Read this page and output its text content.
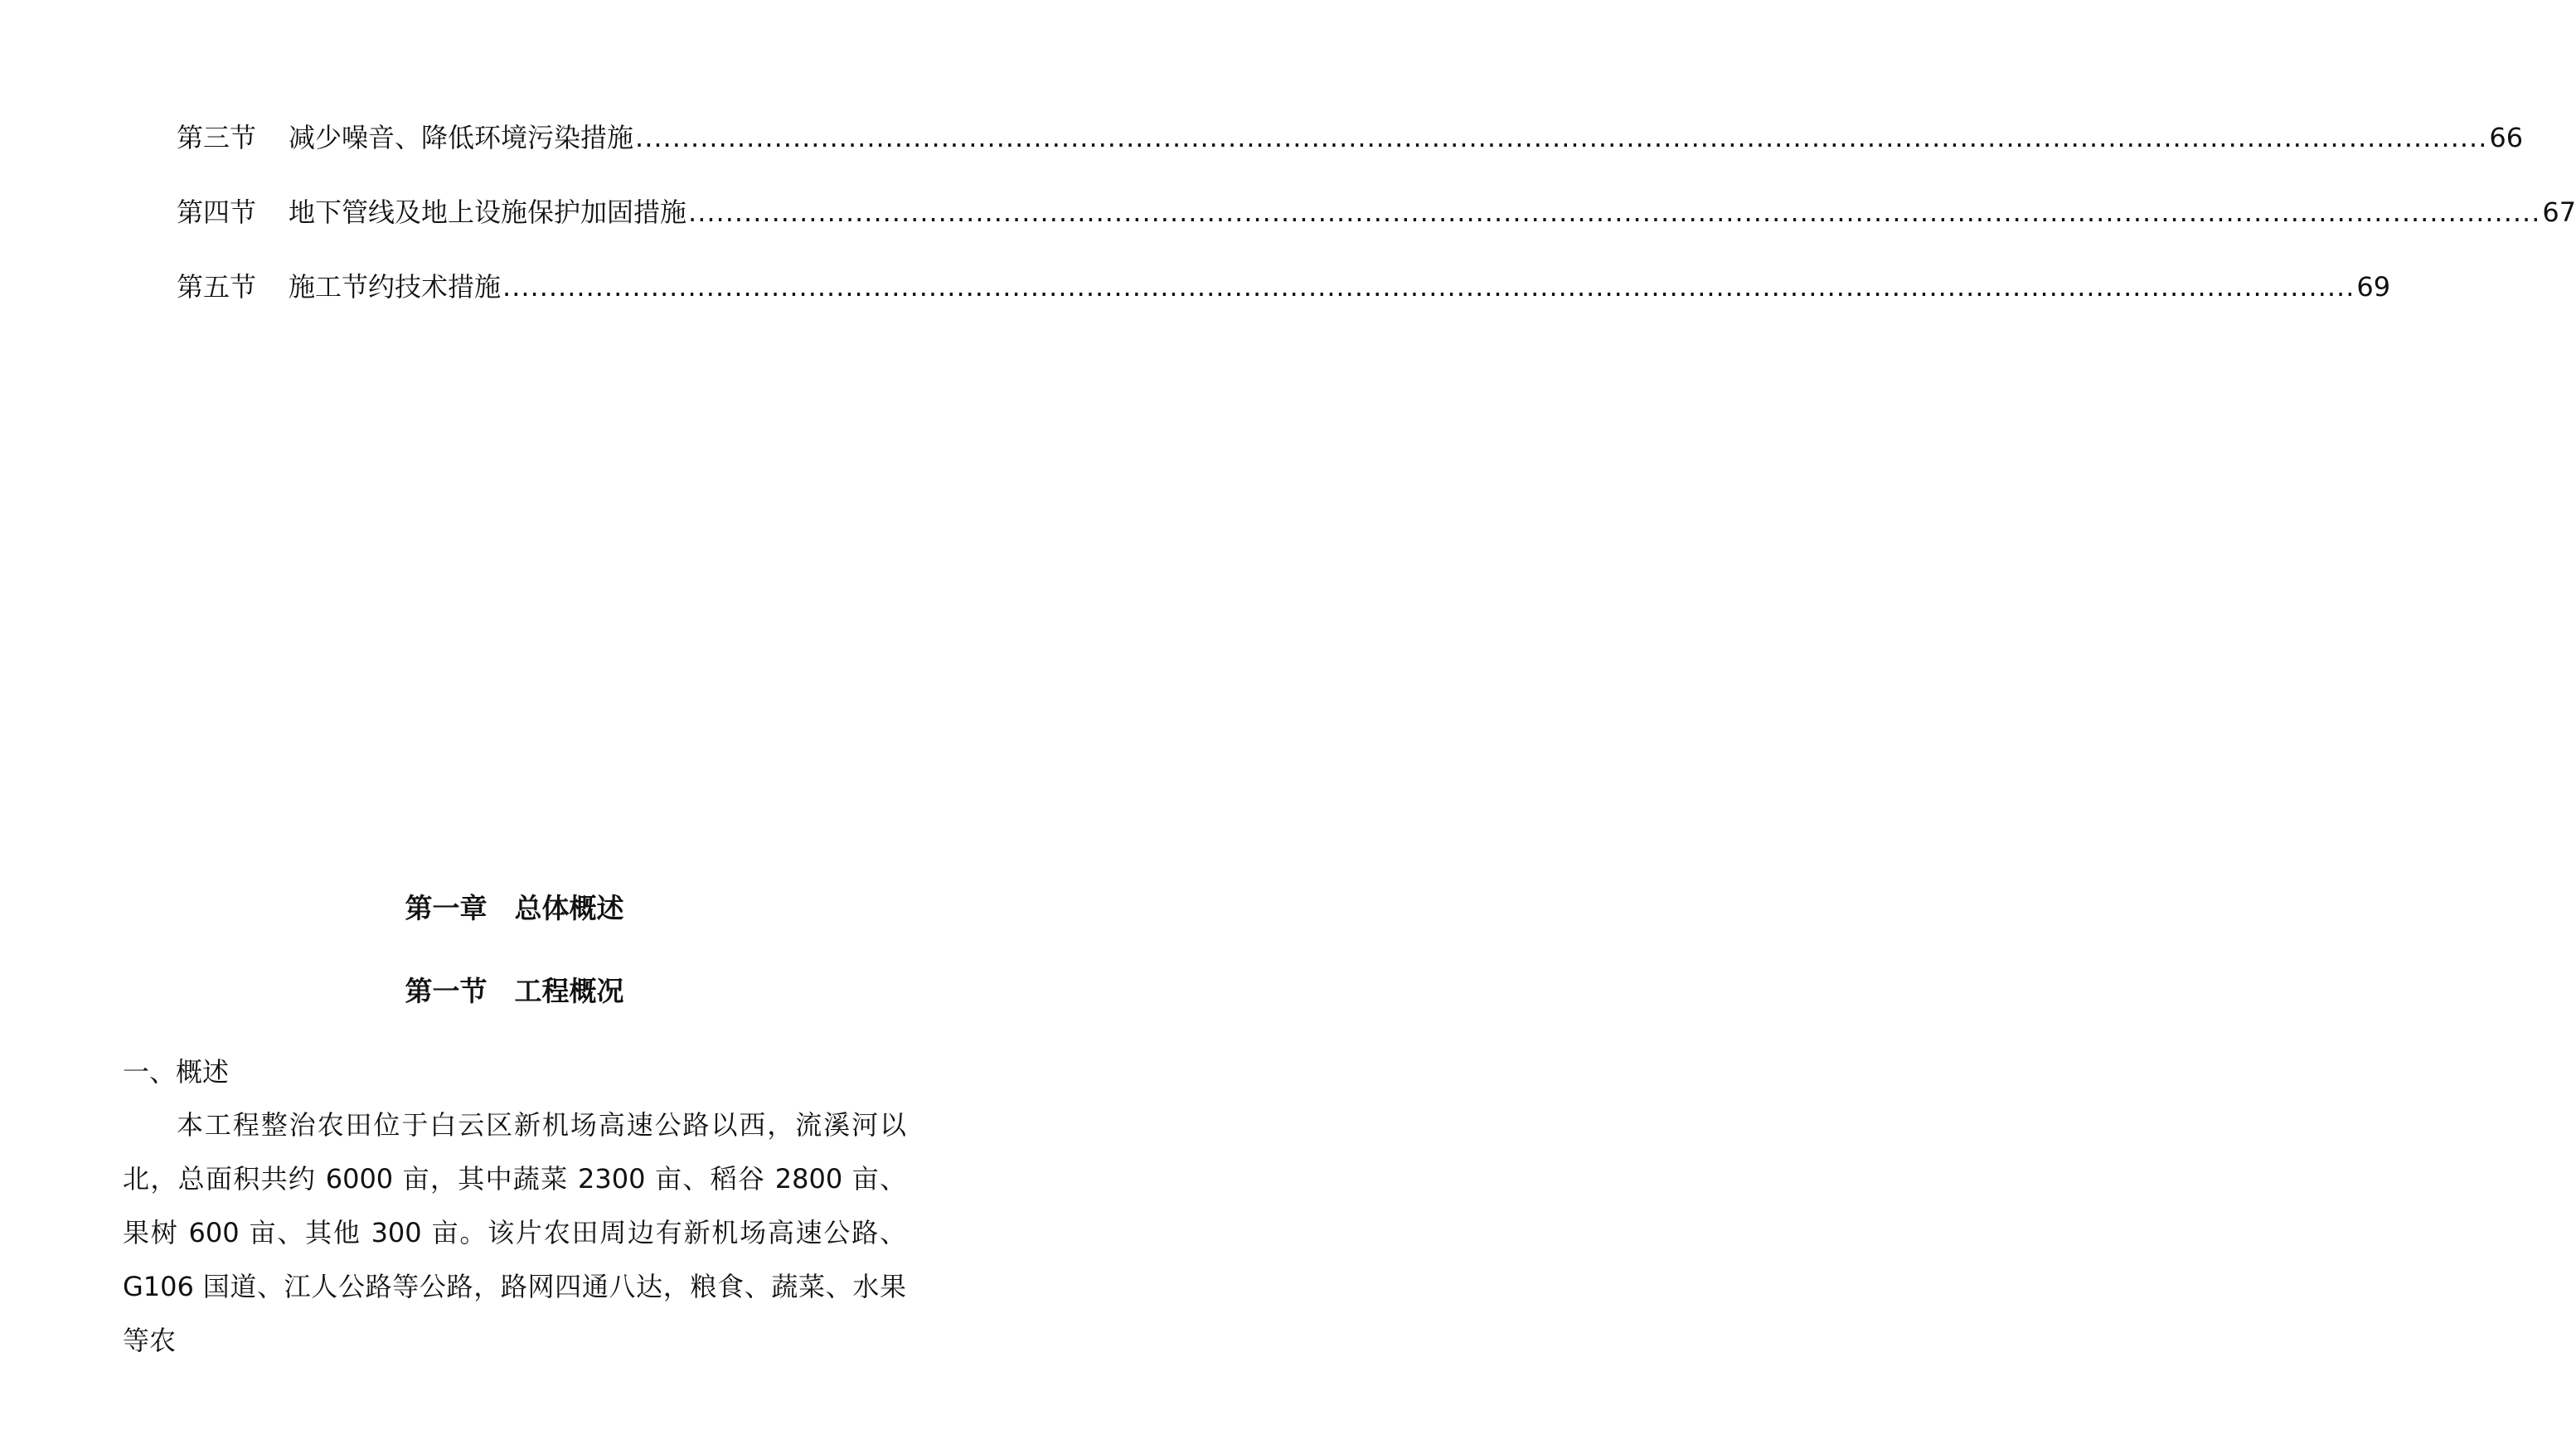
第三节	减少噪音、降低环境污染措施 ........................................................................................................................................................................................................ 66
第四节	地下管线及地上设施保护加固措施 ........................................................................................................................................................................................................ 67
第五节	施工节约技术措施 ........................................................................................................................................................................................................ 69
第一章　总体概述
第一节　工程概况
一、概述

本工程整治农田位于白云区新机场高速公路以西，流溪河以北，总面积共约 6000 亩，其中蔬菜 2300 亩、稻谷 2800 亩、果树 600 亩、其他 300 亩。该片农田周边有新机场高速公路、G106 国道、江人公路等公路，路网四通八达，粮食、蔬菜、水果等农
